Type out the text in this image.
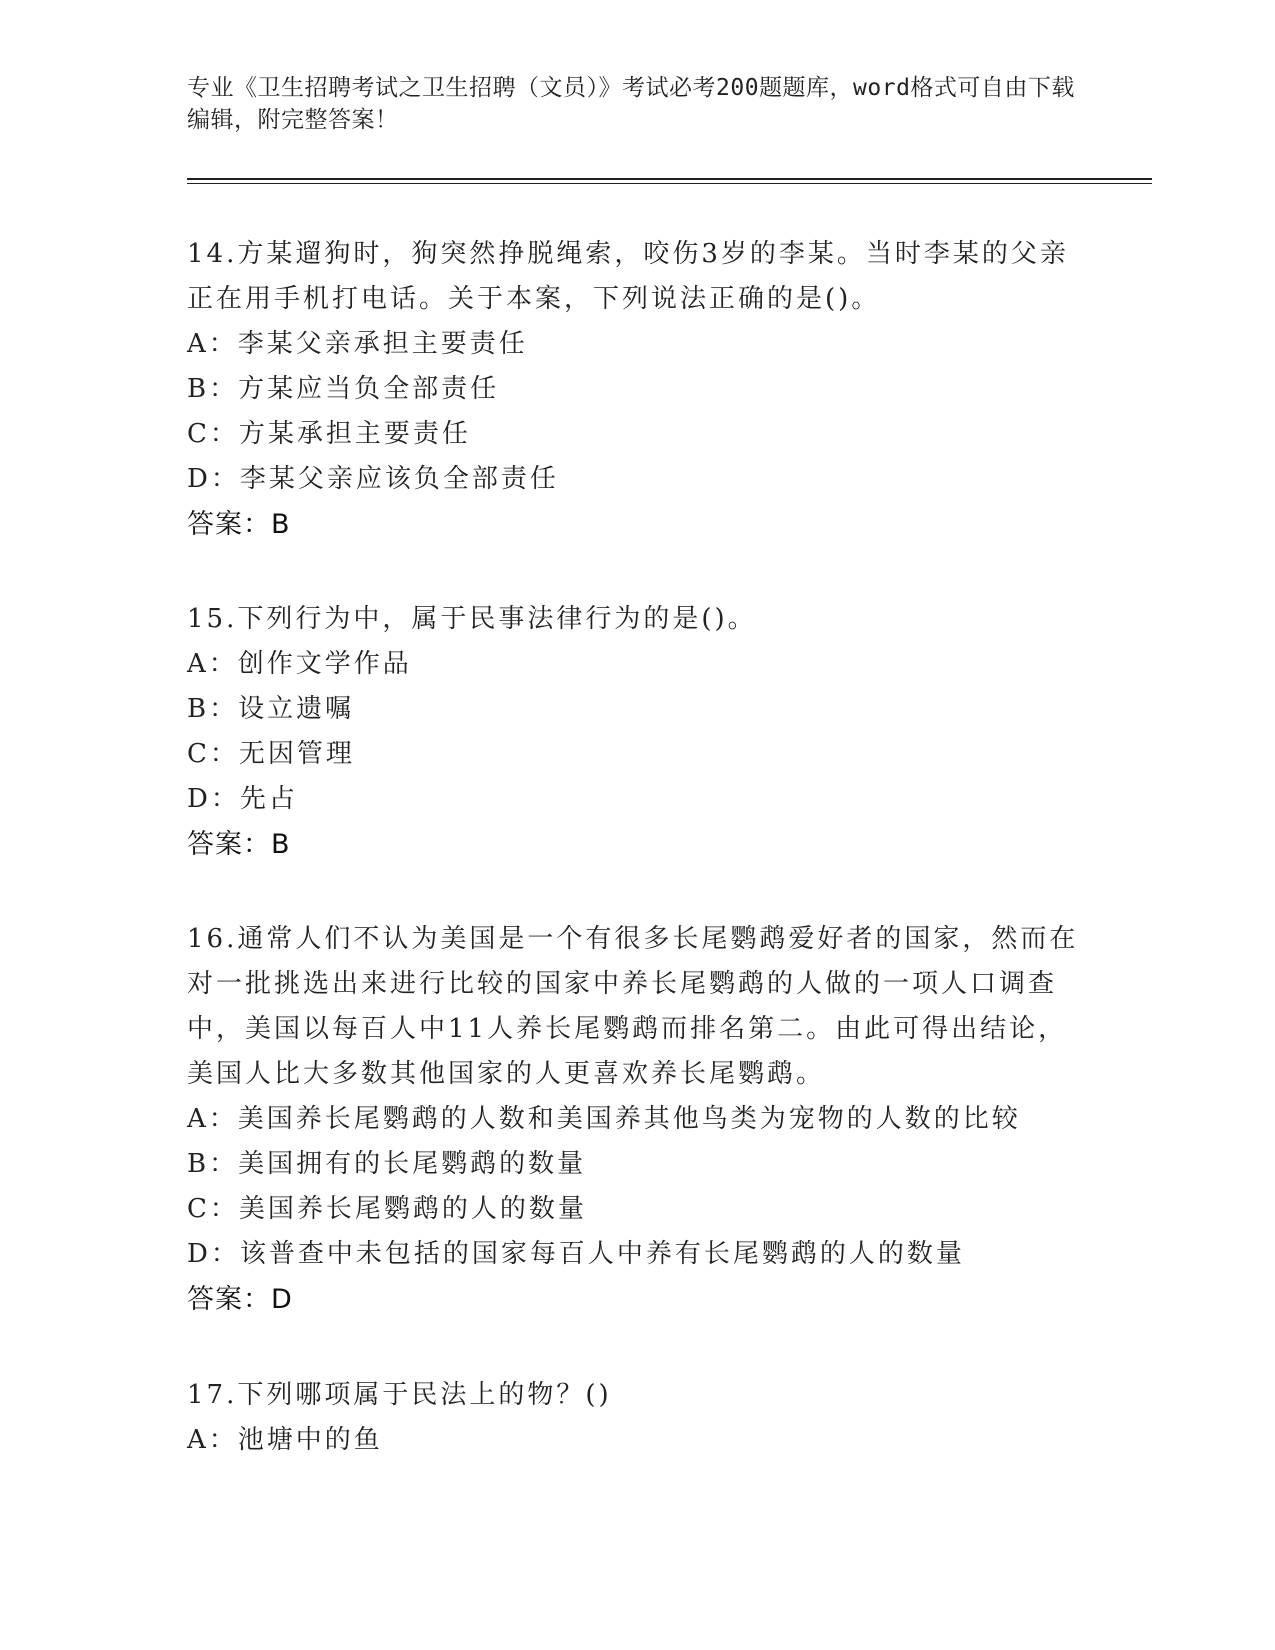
专业《卫生招聘考试之卫生招聘（文员）》考试必考200题题库，word格式可自由下载编辑，附完整答案！
14.方某遛狗时，狗突然挣脱绳索，咬伤3岁的李某。当时李某的父亲正在用手机打电话。关于本案，下列说法正确的是()。
A：李某父亲承担主要责任
B：方某应当负全部责任
C：方某承担主要责任
D：李某父亲应该负全部责任
答案：B
15.下列行为中，属于民事法律行为的是()。
A：创作文学作品
B：设立遗嘱
C：无因管理
D：先占
答案：B
16.通常人们不认为美国是一个有很多长尾鹦鹉爱好者的国家，然而在对一批挑选出来进行比较的国家中养长尾鹦鹉的人做的一项人口调查中，美国以每百人中11人养长尾鹦鹉而排名第二。由此可得出结论，美国人比大多数其他国家的人更喜欢养长尾鹦鹉。
A：美国养长尾鹦鹉的人数和美国养其他鸟类为宠物的人数的比较
B：美国拥有的长尾鹦鹉的数量
C：美国养长尾鹦鹉的人的数量
D：该普查中未包括的国家每百人中养有长尾鹦鹉的人的数量
答案：D
17.下列哪项属于民法上的物？()
A：池塘中的鱼
